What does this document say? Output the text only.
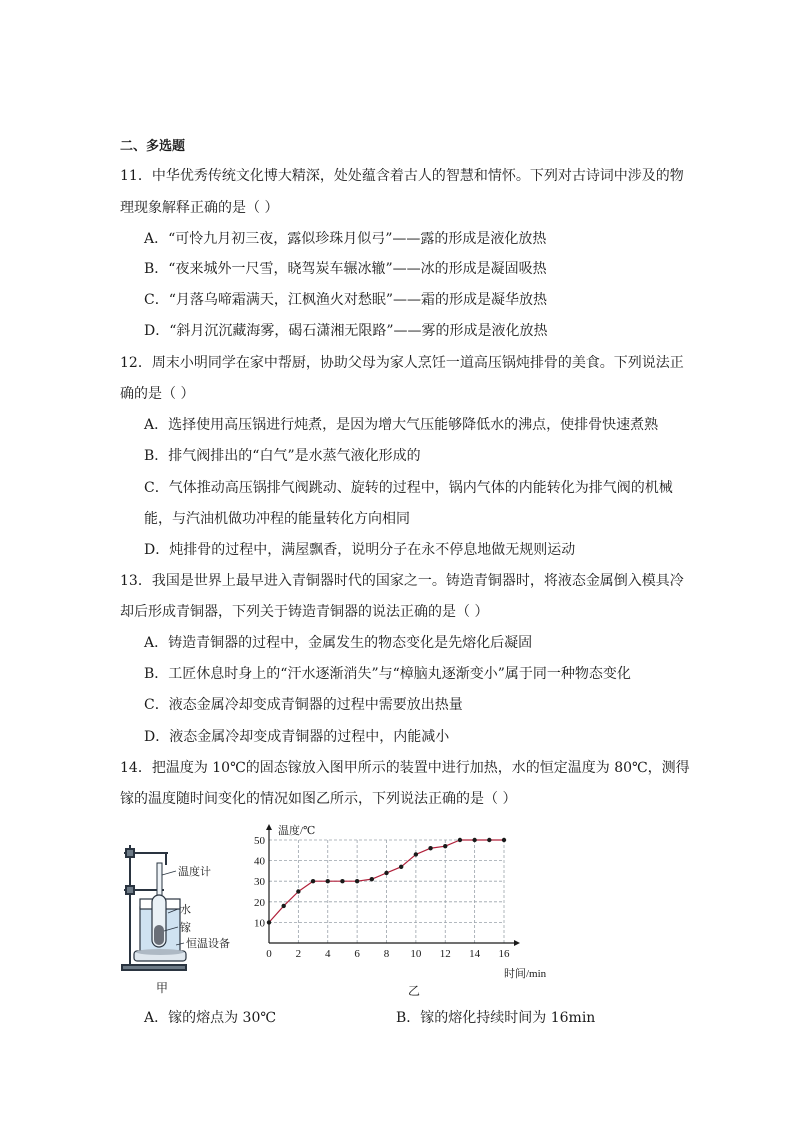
二、多选题
11．中华优秀传统文化博大精深，处处蕴含着古人的智慧和情怀。下列对古诗词中涉及的物
理现象解释正确的是（ ）
A．“可怜九月初三夜，露似珍珠月似弓”——露的形成是液化放热
B．“夜来城外一尺雪，晓驾炭车辗冰辙”——冰的形成是凝固吸热
C．“月落乌啼霜满天，江枫渔火对愁眠”——霜的形成是凝华放热
D．“斜月沉沉藏海雾，碣石潇湘无限路”——雾的形成是液化放热
12．周末小明同学在家中帮厨，协助父母为家人烹饪一道高压锅炖排骨的美食。下列说法正
确的是（ ）
A．选择使用高压锅进行炖煮，是因为增大气压能够降低水的沸点，使排骨快速煮熟
B．排气阀排出的“白气”是水蒸气液化形成的
C．气体推动高压锅排气阀跳动、旋转的过程中，锅内气体的内能转化为排气阀的机械
能，与汽油机做功冲程的能量转化方向相同
D．炖排骨的过程中，满屋飘香，说明分子在永不停息地做无规则运动
13．我国是世界上最早进入青铜器时代的国家之一。铸造青铜器时，将液态金属倒入模具冷
却后形成青铜器，下列关于铸造青铜器的说法正确的是（ ）
A．铸造青铜器的过程中，金属发生的物态变化是先熔化后凝固
B．工匠休息时身上的“汗水逐渐消失”与“樟脑丸逐渐变小”属于同一种物态变化
C．液态金属冷却变成青铜器的过程中需要放出热量
D．液态金属冷却变成青铜器的过程中，内能减小
14．把温度为 10℃的固态镓放入图甲所示的装置中进行加热，水的恒定温度为 80℃，测得
镓的温度随时间变化的情况如图乙所示，下列说法正确的是（ ）
温度计
水
镓
恒温设备
甲
0 2 4 6 8 10 12 14 16
10
20
30
40
50
温度/℃
时间/min
乙
A．镓的熔点为 30℃	B．镓的熔化持续时间为 16min
